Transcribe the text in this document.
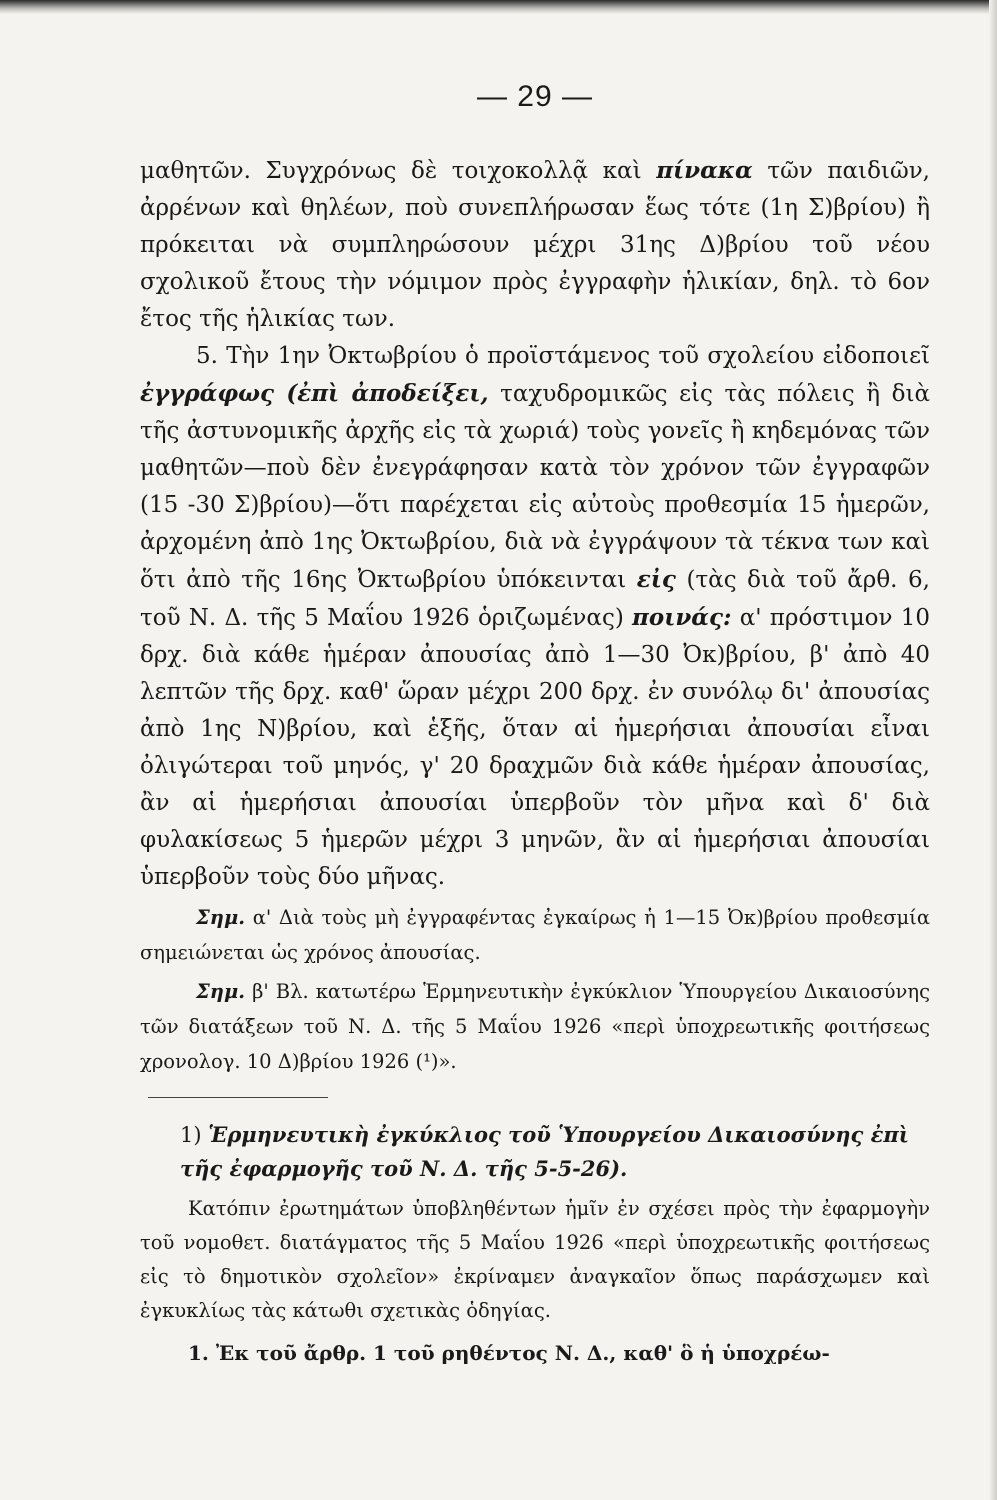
— 29 —

μαθητῶν. Συγχρόνως δὲ τοιχοκολλᾷ καὶ πίνακα τῶν παιδιῶν, ἀρρένων καὶ θηλέων, ποὺ συνεπλήρωσαν ἕως τότε (1η Σ)βρίου) ἢ πρόκειται νὰ συμπληρώσουν μέχρι 31ης Δ)βρίου τοῦ νέου σχολικοῦ ἔτους τὴν νόμιμον πρὸς ἐγγραφὴν ἡλικίαν, δηλ. τὸ 6ον ἔτος τῆς ἡλικίας των.

5. Τὴν 1ην Ὀκτωβρίου ὁ προϊστάμενος τοῦ σχολείου εἰδοποιεῖ ἐγγράφως (ἐπὶ ἀποδείξει, ταχυδρομικῶς εἰς τὰς πόλεις ἢ διὰ τῆς ἀστυνομικῆς ἀρχῆς εἰς τὰ χωριά) τοὺς γονεῖς ἢ κηδεμόνας τῶν μαθητῶν—ποὺ δὲν ἐνεγράφησαν κατὰ τὸν χρόνον τῶν ἐγγραφῶν (15 -30 Σ)βρίου)—ὅτι παρέχεται εἰς αὐτοὺς προθεσμία 15 ἡμερῶν, ἀρχομένη ἀπὸ 1ης Ὀκτωβρίου, διὰ νὰ ἐγγράψουν τὰ τέκνα των καὶ ὅτι ἀπὸ τῆς 16ης Ὀκτωβρίου ὑπόκεινται εἰς (τὰς διὰ τοῦ ἄρθ. 6, τοῦ Ν. Δ. τῆς 5 Μαΐου 1926 ὁριζωμένας) ποινάς: α' πρόστιμον 10 δρχ. διὰ κάθε ἡμέραν ἀπουσίας ἀπὸ 1—30 Ὀκ)βρίου, β' ἀπὸ 40 λεπτῶν τῆς δρχ. καθ' ὥραν μέχρι 200 δρχ. ἐν συνόλῳ δι' ἀπουσίας ἀπὸ 1ης Ν)βρίου, καὶ ἑξῆς, ὅταν αἱ ἡμερήσιαι ἀπουσίαι εἶναι ὀλιγώτεραι τοῦ μηνός, γ' 20 δραχμῶν διὰ κάθε ἡμέραν ἀπουσίας, ἂν αἱ ἡμερήσιαι ἀπουσίαι ὑπερβοῦν τὸν μῆνα καὶ δ' διὰ φυλακίσεως 5 ἡμερῶν μέχρι 3 μηνῶν, ἂν αἱ ἡμερήσιαι ἀπουσίαι ὑπερβοῦν τοὺς δύο μῆνας.

Σημ. α' Διὰ τοὺς μὴ ἐγγραφέντας ἐγκαίρως ἡ 1—15 Ὀκ)βρίου προθεσμία σημειώνεται ὡς χρόνος ἀπουσίας.

Σημ. β' Βλ. κατωτέρω Ἑρμηνευτικὴν ἐγκύκλιον Ὑπουργείου Δικαιοσύνης τῶν διατάξεων τοῦ Ν. Δ. τῆς 5 Μαΐου 1926 «περὶ ὑποχρεωτικῆς φοιτήσεως χρονολογ. 10 Δ)βρίου 1926 (¹)».

1) Ἑρμηνευτικὴ ἐγκύκλιος τοῦ Ὑπουργείου Δικαιοσύνης ἐπὶ τῆς ἐφαρμογῆς τοῦ Ν. Δ. τῆς 5-5-26).

Κατόπιν ἐρωτημάτων ὑποβληθέντων ἡμῖν ἐν σχέσει πρὸς τὴν ἐφαρμογὴν τοῦ νομοθετ. διατάγματος τῆς 5 Μαΐου 1926 «περὶ ὑποχρεωτικῆς φοιτήσεως εἰς τὸ δημοτικὸν σχολεῖον» ἐκρίναμεν ἀναγκαῖον ὅπως παράσχωμεν καὶ ἐγκυκλίως τὰς κάτωθι σχετικὰς ὁδηγίας.

1. Ἐκ τοῦ ἄρθρ. 1 τοῦ ρηθέντος Ν. Δ., καθ' ὃ ἡ ὑποχρέω-
